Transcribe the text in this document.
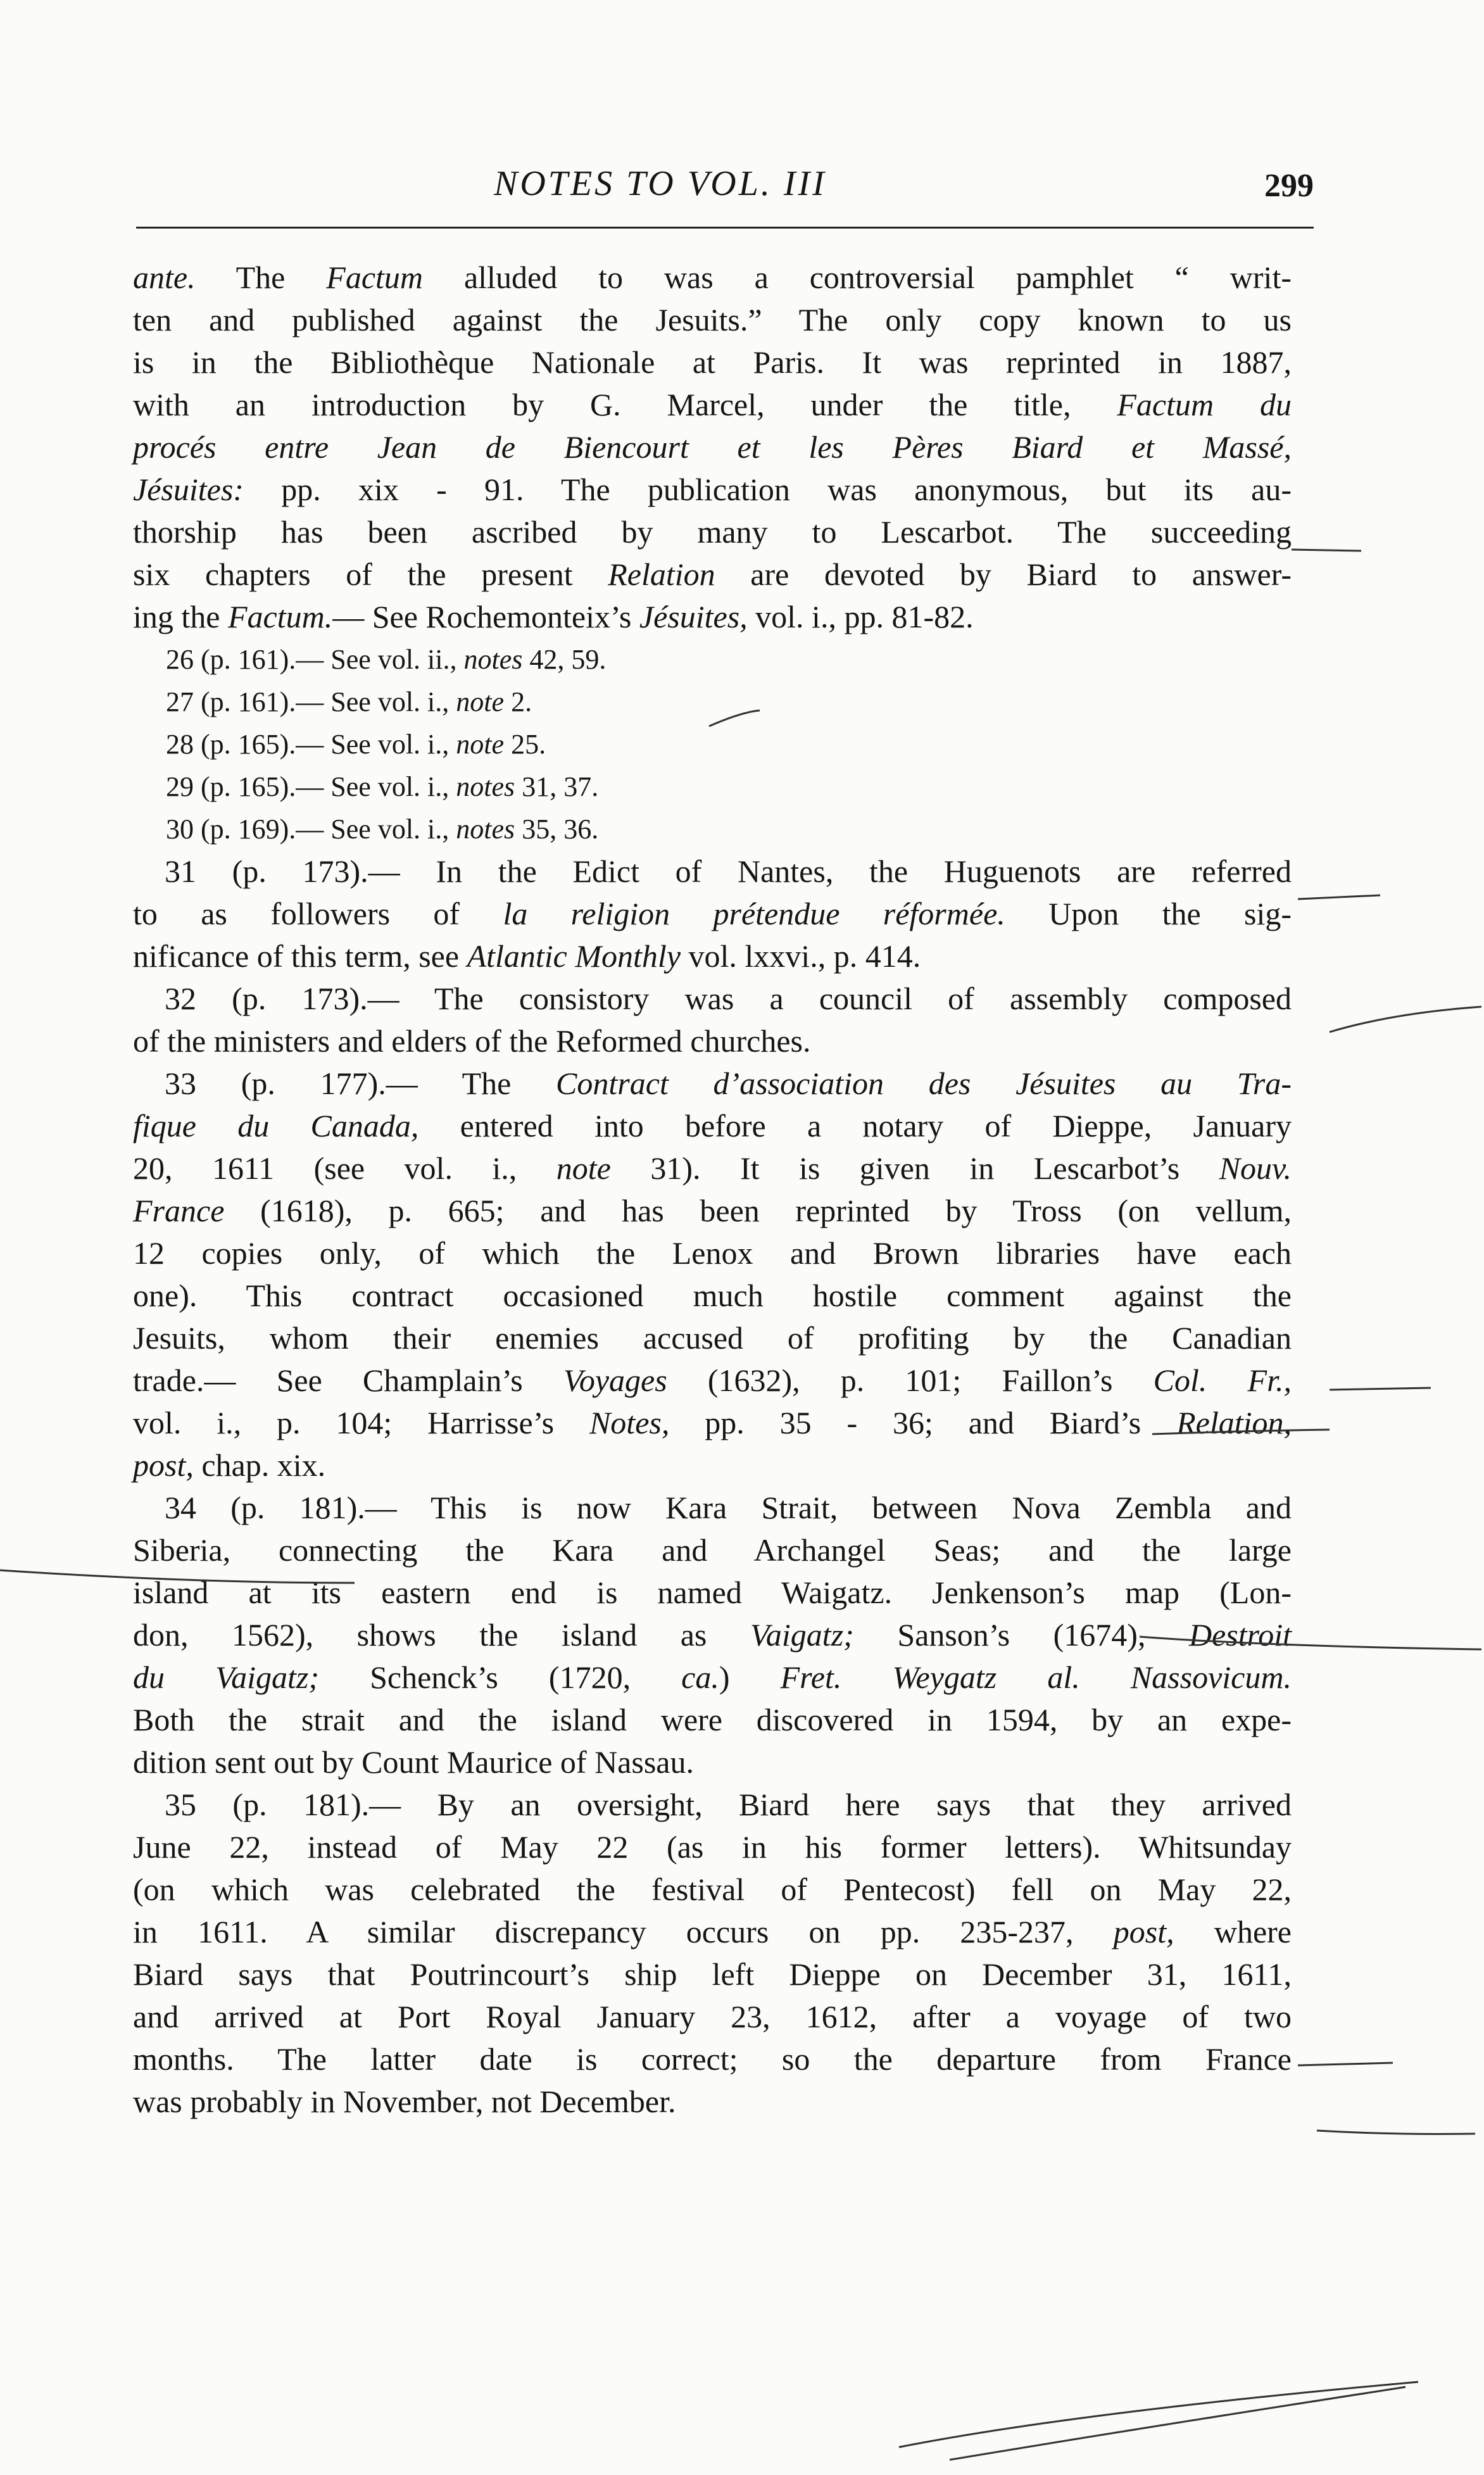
NOTES TO VOL. III	299
ante. The Factum alluded to was a controversial pamphlet “ writ-
ten and published against the Jesuits.” The only copy known to us
is in the Bibliothèque Nationale at Paris. It was reprinted in 1887,
with an introduction by G. Marcel, under the title, Factum du
procés entre Jean de Biencourt et les Pères Biard et Massé,
Jésuites: pp. xix - 91. The publication was anonymous, but its au-
thorship has been ascribed by many to Lescarbot. The succeeding
six chapters of the present Relation are devoted by Biard to answer-
ing the Factum.— See Rochemonteix’s Jésuites, vol. i., pp. 81-82.
26 (p. 161).— See vol. ii., notes 42, 59.
27 (p. 161).— See vol. i., note 2.
28 (p. 165).— See vol. i., note 25.
29 (p. 165).— See vol. i., notes 31, 37.
30 (p. 169).— See vol. i., notes 35, 36.
31 (p. 173).— In the Edict of Nantes, the Huguenots are referred
to as followers of la religion prétendue réformée. Upon the sig-
nificance of this term, see Atlantic Monthly vol. lxxvi., p. 414.
32 (p. 173).— The consistory was a council of assembly composed
of the ministers and elders of the Reformed churches.
33 (p. 177).— The Contract d’association des Jésuites au Tra-
fique du Canada, entered into before a notary of Dieppe, January
20, 1611 (see vol. i., note 31). It is given in Lescarbot’s Nouv.
France (1618), p. 665; and has been reprinted by Tross (on vellum,
12 copies only, of which the Lenox and Brown libraries have each
one). This contract occasioned much hostile comment against the
Jesuits, whom their enemies accused of profiting by the Canadian
trade.— See Champlain’s Voyages (1632), p. 101; Faillon’s Col. Fr.,
vol. i., p. 104; Harrisse’s Notes, pp. 35 - 36; and Biard’s Relation,
post, chap. xix.
34 (p. 181).— This is now Kara Strait, between Nova Zembla and
Siberia, connecting the Kara and Archangel Seas; and the large
island at its eastern end is named Waigatz. Jenkenson’s map (Lon-
don, 1562), shows the island as Vaigatz; Sanson’s (1674), Destroit
du Vaigatz; Schenck’s (1720, ca.) Fret. Weygatz al. Nassovicum.
Both the strait and the island were discovered in 1594, by an expe-
dition sent out by Count Maurice of Nassau.
35 (p. 181).— By an oversight, Biard here says that they arrived
June 22, instead of May 22 (as in his former letters). Whitsunday
(on which was celebrated the festival of Pentecost) fell on May 22,
in 1611. A similar discrepancy occurs on pp. 235-237, post, where
Biard says that Poutrincourt’s ship left Dieppe on December 31, 1611,
and arrived at Port Royal January 23, 1612, after a voyage of two
months. The latter date is correct; so the departure from France
was probably in November, not December.
